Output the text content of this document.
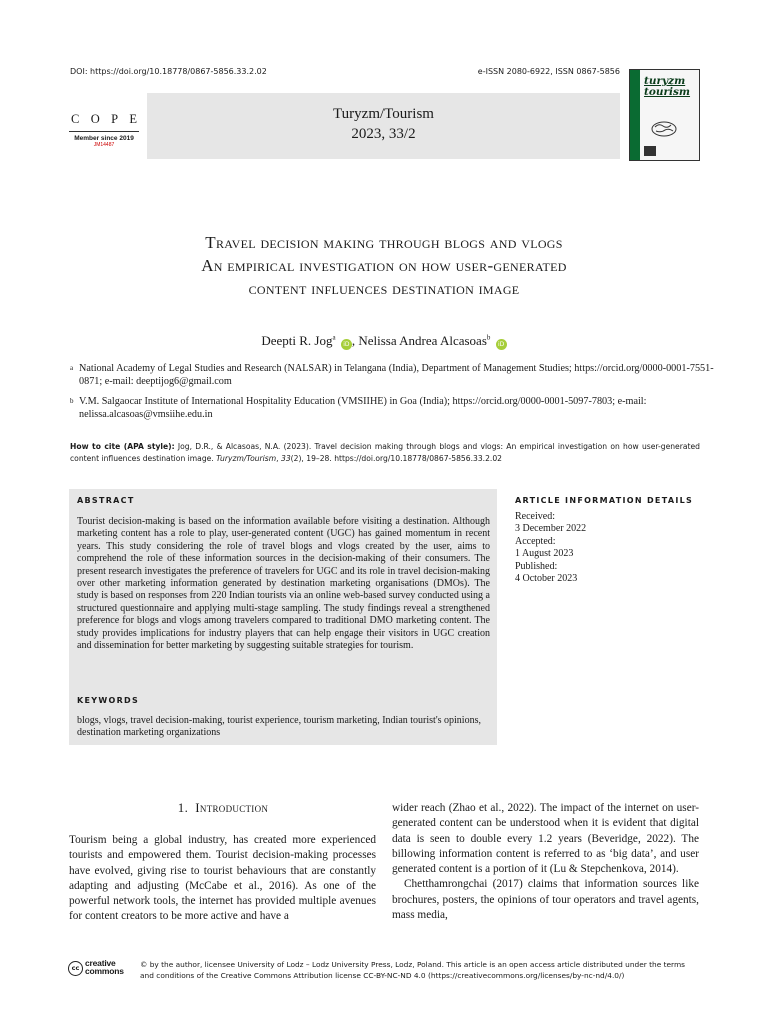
DOI: https://doi.org/10.18778/0867-5856.33.2.02	e-ISSN 2080-6922, ISSN 0867-5856
C O P E
Member since 2019
JM14487
Turyzm/Tourism
2023, 33/2
turyzm
tourism
Travel decision making through blogs and vlogs
An empirical investigation on how user-generated
content influences destination image
Deepti R. Jog$^a$ iD , Nelissa Andrea Alcasoas$^b$ iD
a National Academy of Legal Studies and Research (NALSAR) in Telangana (India), Department of Management Studies; https://orcid.org/0000-0001-7551-0871; e-mail: deeptijog6@gmail.com
b V.M. Salgaocar Institute of International Hospitality Education (VMSIIHE) in Goa (India); https://orcid.org/0000-0001-5097-7803; e-mail: nelissa.alcasoas@vmsiihe.edu.in
How to cite (APA style): Jog, D.R., & Alcasoas, N.A. (2023). Travel decision making through blogs and vlogs: An empirical investigation on how user-generated content influences destination image. Turyzm/Tourism, 33(2), 19–28. https://doi.org/10.18778/0867-5856.33.2.02
ABSTRACT
Tourist decision-making is based on the information available before visiting a destination. Although marketing content has a role to play, user-generated content (UGC) has gained momentum in recent years. This study considering the role of travel blogs and vlogs created by the user, aims to comprehend the role of these information sources in the decision-making of their consumers. The present research investigates the preference of travelers for UGC and its role in travel decision-making over other marketing information generated by destination marketing organisations (DMOs). The study is based on responses from 220 Indian tourists via an online web-based survey conducted using a structured questionnaire and applying multi-stage sampling. The study findings reveal a strengthened preference for blogs and vlogs among travelers compared to traditional DMO marketing content. The study provides implications for industry players that can help engage their visitors in UGC creation and dissemination for better marketing by suggesting suitable strategies for tourism.
KEYWORDS
blogs, vlogs, travel decision-making, tourist experience, tourism marketing, Indian tourist's opinions, destination marketing organizations
ARTICLE INFORMATION DETAILS
Received:
3 December 2022
Accepted:
1 August 2023
Published:
4 October 2023
1. Introduction
Tourism being a global industry, has created more experienced tourists and empowered them. Tourist decision-making processes have evolved, giving rise to tourist behaviours that are constantly adapting and adjusting (McCabe et al., 2016). As one of the powerful network tools, the internet has provided multiple avenues for content creators to be more active and have a

wider reach (Zhao et al., 2022). The impact of the internet on user-generated content can be understood when it is evident that digital data is seen to double every 1.2 years (Beveridge, 2022). The billowing information content is referred to as ‘big data’, and user generated content is a portion of it (Lu & Stepchenkova, 2014).

Chetthamrongchai (2017) claims that information sources like brochures, posters, the opinions of tour operators and travel agents, mass media,

cc creative
commons
© by the author, licensee University of Lodz – Lodz University Press, Lodz, Poland. This article is an open access article distributed under the terms and conditions of the Creative Commons Attribution license CC-BY-NC-ND 4.0 (https://creativecommons.org/licenses/by-nc-nd/4.0/)
